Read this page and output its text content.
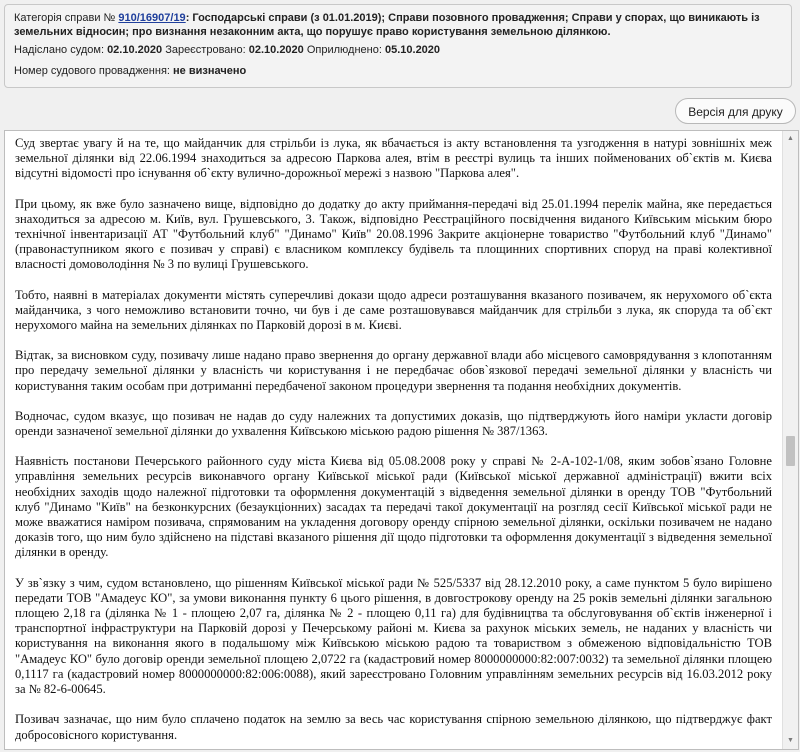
Категорія справи № 910/16907/19: Господарські справи (з 01.01.2019); Справи позовного провадження; Справи у спорах, що виникають із земельних відносин; про визнання незаконним акта, що порушує право користування земельною ділянкою.
Надіслано судом: 02.10.2020 Зареєстровано: 02.10.2020 Оприлюднено: 05.10.2020
Номер судового провадження: не визначено
Версія для друку

Суд звертає увагу й на те, що майданчик для стрільби із лука, як вбачається із акту встановлення та узгодження в натурі зовнішніх меж земельної ділянки від 22.06.1994 знаходиться за адресою Паркова алея, втім в реєстрі вулиць та інших пойменованих об`єктів м. Києва відсутні відомості про існування об`єкту вулично-дорожньої мережі з назвою "Паркова алея".

При цьому, як вже було зазначено вище, відповідно до додатку до акту приймання-передачі від 25.01.1994 перелік майна, яке передається знаходиться за адресою м. Київ, вул. Грушевського, 3. Також, відповідно Реєстраційного посвідчення виданого Київським міським бюро технічної інвентаризації АТ "Футбольний клуб" "Динамо" Київ" 20.08.1996 Закрите акціонерне товариство "Футбольний клуб "Динамо" (правонаступником якого є позивач у справі) є власником комплексу будівель та площинних спортивних споруд на праві колективної власності домоволодіння № 3 по вулиці Грушевського.

Тобто, наявні в матеріалах документи містять суперечливі докази щодо адреси розташування вказаного позивачем, як нерухомого об`єкта майданчика, з чого неможливо встановити точно, чи був і де саме розташовувався майданчик для стрільби з лука, як споруда та об`єкт нерухомого майна на земельних ділянках по Парковій дорозі в м. Києві.

Відтак, за висновком суду, позивачу лише надано право звернення до органу державної влади або місцевого самоврядування з клопотанням про передачу земельної ділянки у власність чи користування і не передбачає обов`язкової передачі земельної ділянки у власність чи користування таким особам при дотриманні передбаченої законом процедури звернення та подання необхідних документів.

Водночас, судом вказує, що позивач не надав до суду належних та допустимих доказів, що підтверджують його наміри укласти договір оренди зазначеної земельної ділянки до ухвалення Київською міською радою рішення № 387/1363.

Наявність постанови Печерського районного суду міста Києва від 05.08.2008 року у справі № 2-А-102-1/08, яким зобов`язано Головне управління земельних ресурсів виконавчого органу Київської міської ради (Київської міської державної адміністрації) вжити всіх необхідних заходів щодо належної підготовки та оформлення документацій з відведення земельної ділянки в оренду ТОВ "Футбольний клуб "Динамо "Київ" на безконкурсних (безаукціонних) засадах та передачі такої документації на розгляд сесії Київської міської ради не може вважатися наміром позивача, спрямованим на укладення договору оренду спірною земельної ділянки, оскільки позивачем не надано доказів того, що ним було здійснено на підставі вказаного рішення дії щодо підготовки та оформлення документації з відведення земельної ділянки в оренду.

У зв`язку з чим, судом встановлено, що рішенням Київської міської ради № 525/5337 від 28.12.2010 року, а саме пунктом 5 було вирішено передати ТОВ "Амадеус КО", за умови виконання пункту 6 цього рішення, в довгострокову оренду на 25 років земельні ділянки загальною площею 2,18 га (ділянка № 1 - площею 2,07 га, ділянка № 2 - площею 0,11 га) для будівництва та обслуговування об`єктів інженерної і транспортної інфраструктури на Парковій дорозі у Печерському районі м. Києва за рахунок міських земель, не наданих у власність чи користування на виконання якого в подальшому між Київською міською радою та товариством з обмеженою відповідальністю ТОВ "Амадеус КО" було договір оренди земельної площею 2,0722 га (кадастровий номер 8000000000:82:007:0032) та земельної ділянки площею 0,1117 га (кадастровий номер 8000000000:82:006:0088), який зареєстровано Головним управлінням земельних ресурсів від 16.03.2012 року за № 82-6-00645.

Позивач зазначає, що ним було сплачено податок на землю за весь час користування спірною земельною ділянкою, що підтверджує факт добросовісного користування.

▲
▼
